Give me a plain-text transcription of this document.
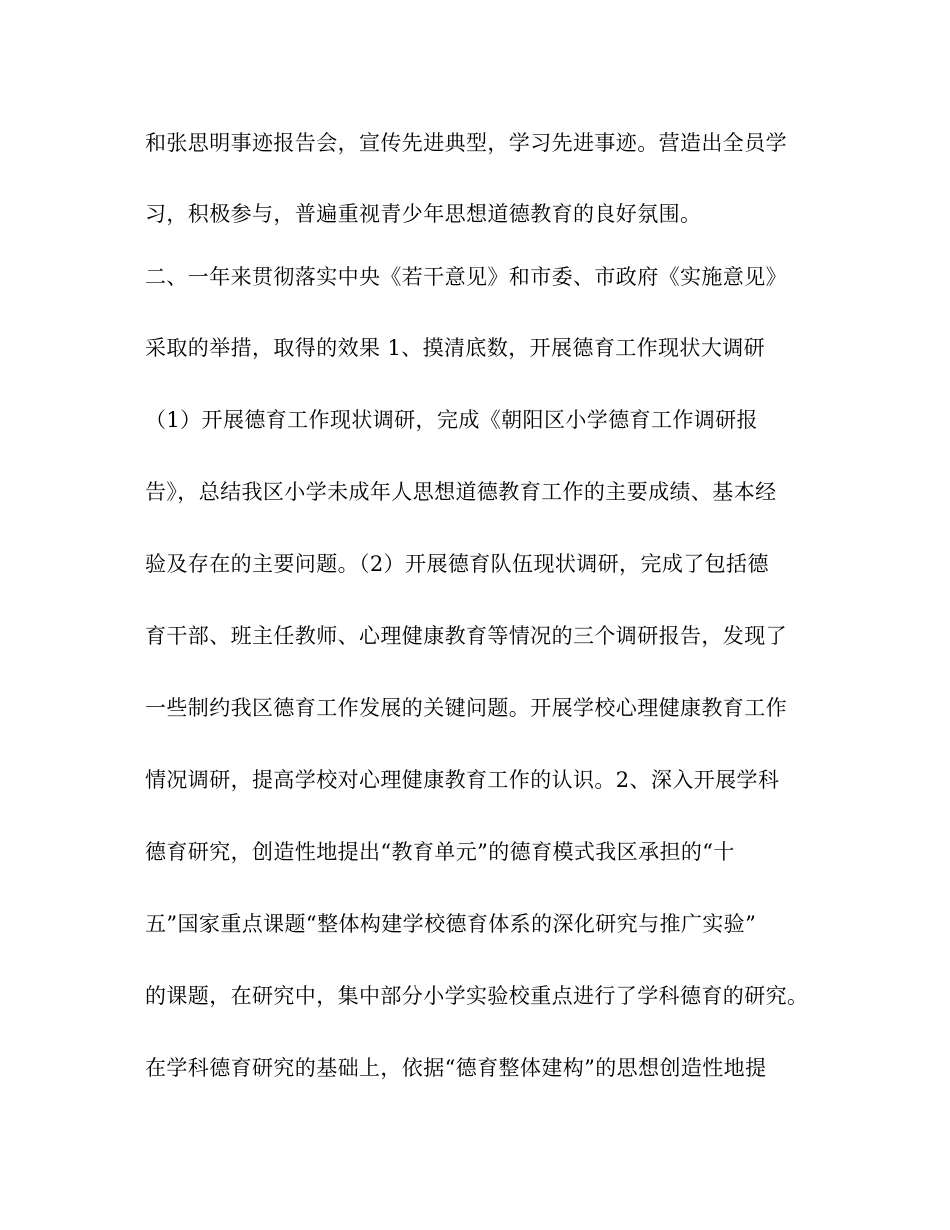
和张思明事迹报告会，宣传先进典型，学习先进事迹。营造出全员学
习，积极参与，普遍重视青少年思想道德教育的良好氛围。
二、一年来贯彻落实中央《若干意见》和市委、市政府《实施意见》
采取的举措，取得的效果 1、摸清底数，开展德育工作现状大调研
（1）开展德育工作现状调研，完成《朝阳区小学德育工作调研报
告》，总结我区小学未成年人思想道德教育工作的主要成绩、基本经
验及存在的主要问题。（2）开展德育队伍现状调研，完成了包括德
育干部、班主任教师、心理健康教育等情况的三个调研报告，发现了
一些制约我区德育工作发展的关键问题。开展学校心理健康教育工作
情况调研，提高学校对心理健康教育工作的认识。2、深入开展学科
德育研究，创造性地提出“教育单元”的德育模式我区承担的“十
五”国家重点课题“整体构建学校德育体系的深化研究与推广实验”
的课题，在研究中，集中部分小学实验校重点进行了学科德育的研究。
在学科德育研究的基础上，依据“德育整体建构”的思想创造性地提
